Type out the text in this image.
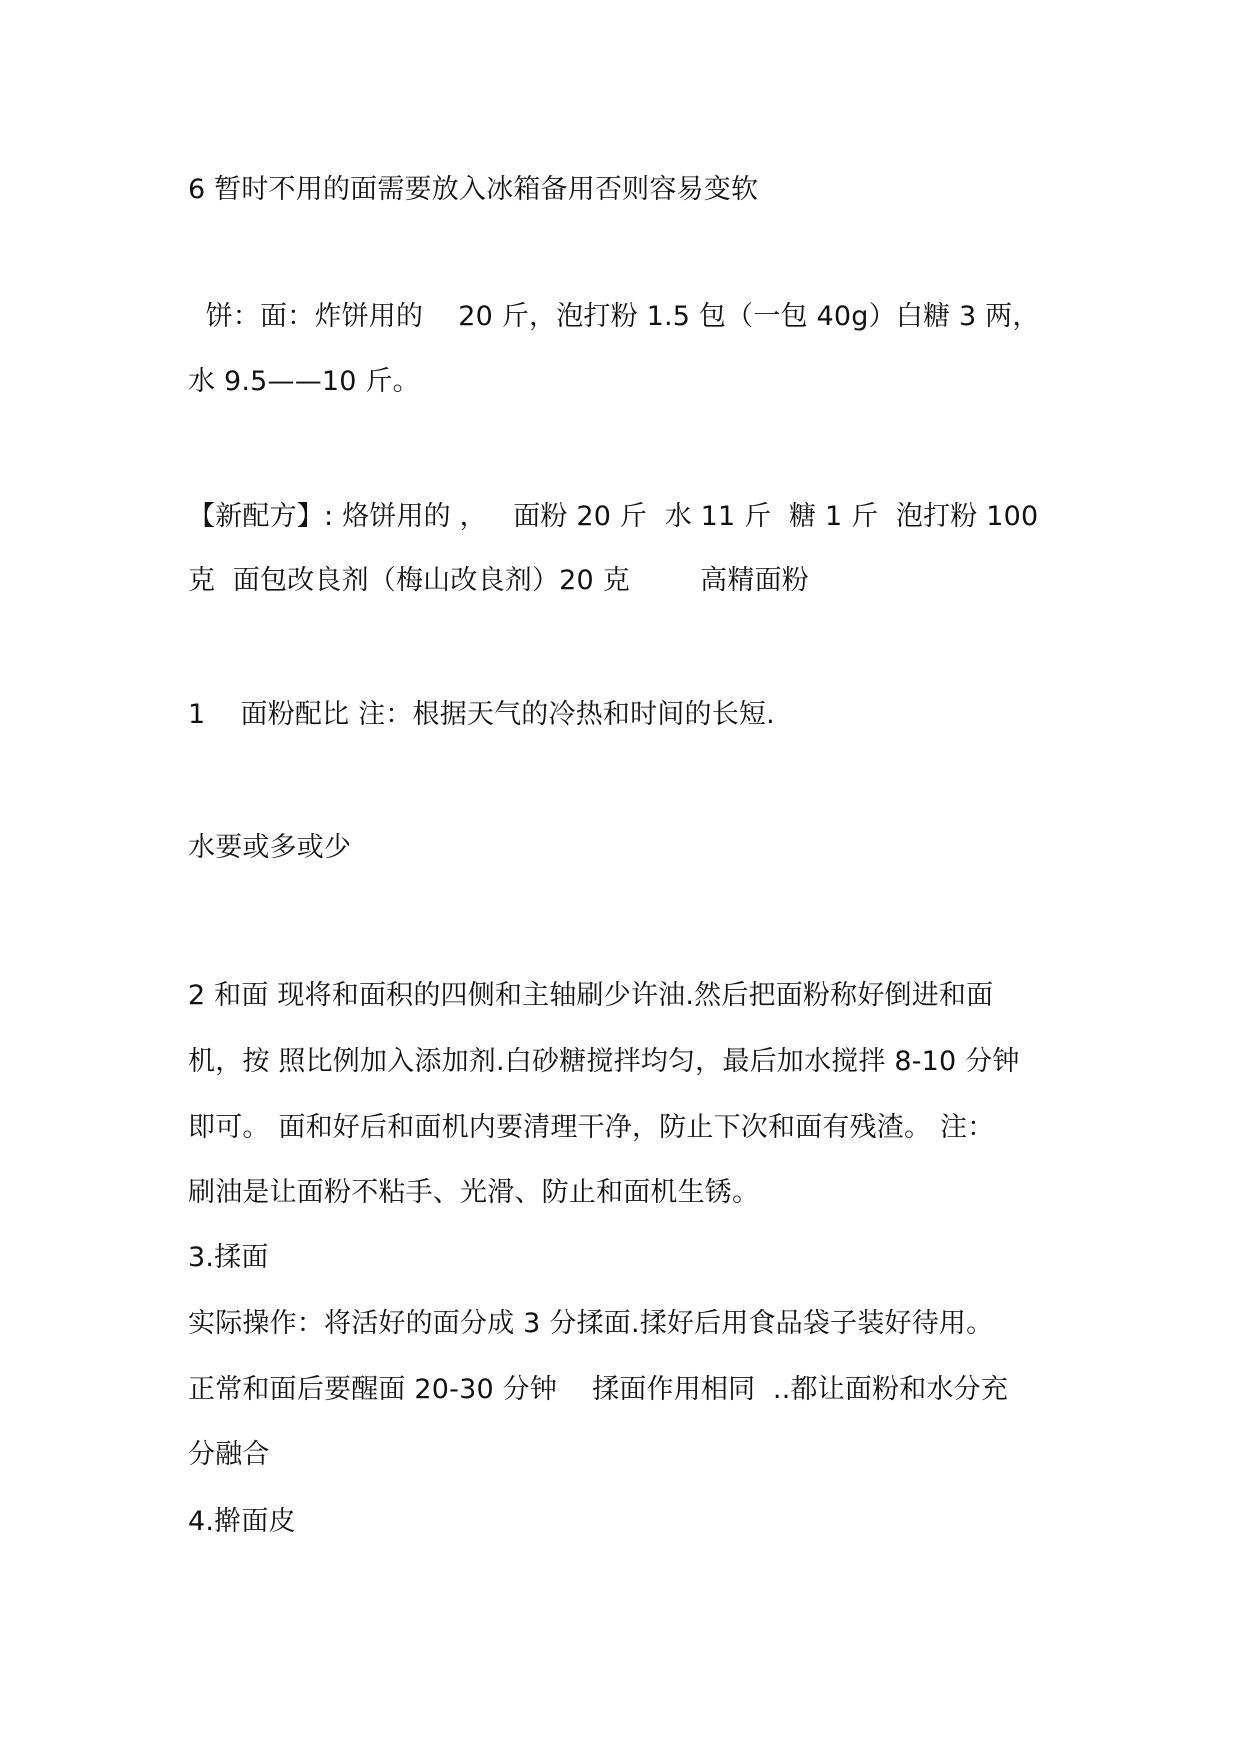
6 暂时不用的面需要放入冰箱备用否则容易变软
饼：面：炸饼用的    20 斤，泡打粉 1.5 包（一包 40g）白糖 3 两，
水 9.5——10 斤。
【新配方】: 烙饼用的 ，   面粉 20 斤  水 11 斤  糖 1 斤  泡打粉 100
克  面包改良剂（梅山改良剂）20 克        高精面粉
1    面粉配比 注：根据天气的冷热和时间的长短.
水要或多或少
2 和面 现将和面积的四侧和主轴刷少许油.然后把面粉称好倒进和面
机，按 照比例加入添加剂.白砂糖搅拌均匀，最后加水搅拌 8-10 分钟
即可。 面和好后和面机内要清理干净，防止下次和面有残渣。 注：
刷油是让面粉不粘手、光滑、防止和面机生锈。
3.揉面
实际操作：将活好的面分成 3 分揉面.揉好后用食品袋子装好待用。
正常和面后要醒面 20-30 分钟    揉面作用相同  ..都让面粉和水分充
分融合
4.擀面皮
